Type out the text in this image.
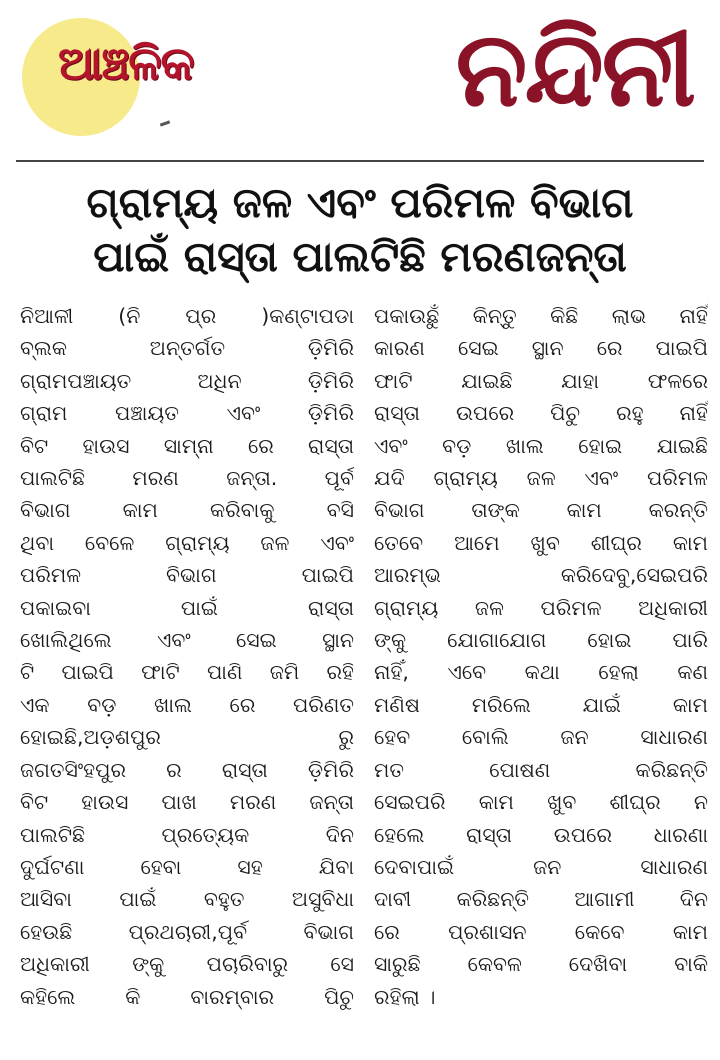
ଆଞ୍ଚଳିକ	ନନ୍ଦିନୀ
ଗ୍ରାମ୍ୟ ଜଳ ଏବଂ ପରିମଳ ବିଭାଗ
ପାଇଁ ରାସ୍ତା ପାଲଟିଛି ମରଣଜନ୍ତା
ନିଆଳୀ (ନି ପ୍ର )କଣ୍ଟାପଡା
ବ୍ଲକ ଅନ୍ତର୍ଗତ ଡ଼ିମିରି
ଗ୍ରାମପଞ୍ଚାୟତ ଅଧିନ ଡ଼ିମିରି
ଗ୍ରାମ ପଞ୍ଚାୟତ ଏବଂ ଡ଼ିମିରି
ବିଟ ହାଉସ ସାମ୍ନା ରେ ରାସ୍ତା
ପାଲଟିଛି ମରଣ ଜନ୍ତା. ପୂର୍ବ
ବିଭାଗ କାମ କରିବାକୁ ବସି
ଥିବା ବେଳେ ଗ୍ରାମ୍ୟ ଜଳ ଏବଂ
ପରିମଳ ବିଭାଗ ପାଇପି
ପକାଇବା ପାଇଁ ରାସ୍ତା
ଖୋଲିଥିଲେ ଏବଂ ସେଇ ସ୍ଥାନ
ଟି ପାଇପି ଫାଟି ପାଣି ଜମି ରହି
ଏକ ବଡ଼ ଖାଲ ରେ ପରିଣତ
ହୋଇଛି,ଅଡ଼ଶପୁର ରୁ
ଜଗତସିଂହପୁର ର ରାସ୍ତା ଡ଼ିମିରି
ବିଟ ହାଉସ ପାଖ ମରଣ ଜନ୍ତା
ପାଲଟିଛି ପ୍ରତ୍ୟେକ ଦିନ
ଦୁର୍ଘଟଣା ହେବା ସହ ଯିବା
ଆସିବା ପାଇଁ ବହୁତ ଅସୁବିଧା
ହେଉଛି ପ୍ରଥଚାରୀ,ପୂର୍ବ ବିଭାଗ
ଅଧିକାରୀ ଙ୍କୁ ପଚାରିବାରୁ ସେ
କହିଲେ କି ବାରମ୍ବାର ପିଚୁ
ପକାଉଛୁଁ କିନ୍ତୁ କିଛି ଲାଭ ନାହିଁ
କାରଣ ସେଇ ସ୍ଥାନ ରେ ପାଇପି
ଫାଟି ଯାଇଛି ଯାହା ଫଳରେ
ରାସ୍ତା ଉପରେ ପିଚୁ ରହୁ ନାହିଁ
ଏବଂ ବଡ଼ ଖାଲ ହୋଇ ଯାଇଛି
ଯଦି ଗ୍ରାମ୍ୟ ଜଳ ଏବଂ ପରିମଳ
ବିଭାଗ ତାଙ୍କ କାମ କରନ୍ତି
ତେବେ ଆମେ ଖୁବ ଶୀଘ୍ର କାମ
ଆରମ୍ଭ କରିଦେବୁ,ସେଇପରି
ଗ୍ରାମ୍ୟ ଜଳ ପରିମଳ ଅଧିକାରୀ
ଙ୍କୁ ଯୋଗାଯୋଗ ହୋଇ ପାରି
ନାହିଁ, ଏବେ କଥା ହେଲା କଣ
ମଣିଷ ମରିଲେ ଯାଇଁ କାମ
ହେବ ବୋଲି ଜନ ସାଧାରଣ
ମତ ପୋଷଣ କରିଛନ୍ତି
ସେଇପରି କାମ ଖୁବ ଶୀଘ୍ର ନ
ହେଲେ ରାସ୍ତା ଉପରେ ଧାରଣା
ଦେବାପାଇଁ ଜନ ସାଧାରଣ
ଦାବୀ କରିଛନ୍ତି ଆଗାମୀ ଦିନ
ରେ ପ୍ରଶାସନ କେବେ କାମ
ସାରୁଛି କେବଳ ଦେଖିବା ବାକି
ରହିଲା ।
